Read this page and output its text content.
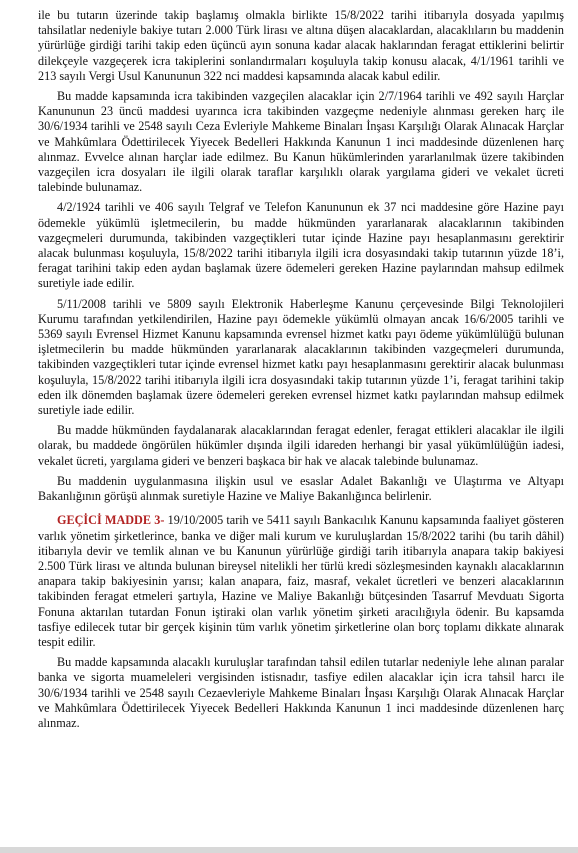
ile bu tutarın üzerinde takip başlamış olmakla birlikte 15/8/2022 tarihi itibarıyla dosyada yapılmış tahsilatlar nedeniyle bakiye tutarı 2.000 Türk lirası ve altına düşen alacaklardan, alacaklıların bu maddenin yürürlüğe girdiği tarihi takip eden üçüncü ayın sonuna kadar alacak haklarından feragat ettiklerini belirtir dilekçeyle vazgeçerek icra takiplerini sonlandırmaları koşuluyla takip konusu alacak, 4/1/1961 tarihli ve 213 sayılı Vergi Usul Kanununun 322 nci maddesi kapsamında alacak kabul edilir.

Bu madde kapsamında icra takibinden vazgeçilen alacaklar için 2/7/1964 tarihli ve 492 sayılı Harçlar Kanununun 23 üncü maddesi uyarınca icra takibinden vazgeçme nedeniyle alınması gereken harç ile 30/6/1934 tarihli ve 2548 sayılı Ceza Evleriyle Mahkeme Binaları İnşası Karşılığı Olarak Alınacak Harçlar ve Mahkûmlara Ödettirilecek Yiyecek Bedelleri Hakkında Kanunun 1 inci maddesinde düzenlenen harç alınmaz. Evvelce alınan harçlar iade edilmez. Bu Kanun hükümlerinden yararlanılmak üzere takibinden vazgeçilen icra dosyaları ile ilgili olarak taraflar karşılıklı olarak yargılama gideri ve vekalet ücreti talebinde bulunamaz.

4/2/1924 tarihli ve 406 sayılı Telgraf ve Telefon Kanununun ek 37 nci maddesine göre Hazine payı ödemekle yükümlü işletmecilerin, bu madde hükmünden yararlanarak alacaklarının takibinden vazgeçmeleri durumunda, takibinden vazgeçtikleri tutar içinde Hazine payı hesaplanmasını gerektirir alacak bulunması koşuluyla, 15/8/2022 tarihi itibarıyla ilgili icra dosyasındaki takip tutarının yüzde 18’i, feragat tarihini takip eden aydan başlamak üzere ödemeleri gereken Hazine paylarından mahsup edilmek suretiyle iade edilir.

5/11/2008 tarihli ve 5809 sayılı Elektronik Haberleşme Kanunu çerçevesinde Bilgi Teknolojileri Kurumu tarafından yetkilendirilen, Hazine payı ödemekle yükümlü olmayan ancak 16/6/2005 tarihli ve 5369 sayılı Evrensel Hizmet Kanunu kapsamında evrensel hizmet katkı payı ödeme yükümlülüğü bulunan işletmecilerin bu madde hükmünden yararlanarak alacaklarının takibinden vazgeçmeleri durumunda, takibinden vazgeçtikleri tutar içinde evrensel hizmet katkı payı hesaplanmasını gerektirir alacak bulunması koşuluyla, 15/8/2022 tarihi itibarıyla ilgili icra dosyasındaki takip tutarının yüzde 1’i, feragat tarihini takip eden ilk dönemden başlamak üzere ödemeleri gereken evrensel hizmet katkı paylarından mahsup edilmek suretiyle iade edilir.

Bu madde hükmünden faydalanarak alacaklarından feragat edenler, feragat ettikleri alacaklar ile ilgili olarak, bu maddede öngörülen hükümler dışında ilgili idareden herhangi bir yasal yükümlülüğün iadesi, vekalet ücreti, yargılama gideri ve benzeri başkaca bir hak ve alacak talebinde bulunamaz.

Bu maddenin uygulanmasına ilişkin usul ve esaslar Adalet Bakanlığı ve Ulaştırma ve Altyapı Bakanlığının görüşü alınmak suretiyle Hazine ve Maliye Bakanlığınca belirlenir.

GEÇİCİ MADDE 3- 19/10/2005 tarih ve 5411 sayılı Bankacılık Kanunu kapsamında faaliyet gösteren varlık yönetim şirketlerince, banka ve diğer mali kurum ve kuruluşlardan 15/8/2022 tarihi (bu tarih dâhil) itibarıyla devir ve temlik alınan ve bu Kanunun yürürlüğe girdiği tarih itibarıyla anapara takip bakiyesi 2.500 Türk lirası ve altında bulunan bireysel nitelikli her türlü kredi sözleşmesinden kaynaklı alacaklarının anapara takip bakiyesinin yarısı; kalan anapara, faiz, masraf, vekalet ücretleri ve benzeri alacaklarının takibinden feragat etmeleri şartıyla, Hazine ve Maliye Bakanlığı bütçesinden Tasarruf Mevduatı Sigorta Fonuna aktarılan tutardan Fonun iştiraki olan varlık yönetim şirketi aracılığıyla ödenir. Bu kapsamda tasfiye edilecek tutar bir gerçek kişinin tüm varlık yönetim şirketlerine olan borç toplamı dikkate alınarak tespit edilir.

Bu madde kapsamında alacaklı kuruluşlar tarafından tahsil edilen tutarlar nedeniyle lehe alınan paralar banka ve sigorta muameleleri vergisinden istisnadır, tasfiye edilen alacaklar için icra tahsil harcı ile 30/6/1934 tarihli ve 2548 sayılı Cezaevleriyle Mahkeme Binaları İnşası Karşılığı Olarak Alınacak Harçlar ve Mahkûmlara Ödettirilecek Yiyecek Bedelleri Hakkında Kanunun 1 inci maddesinde düzenlenen harç alınmaz.
